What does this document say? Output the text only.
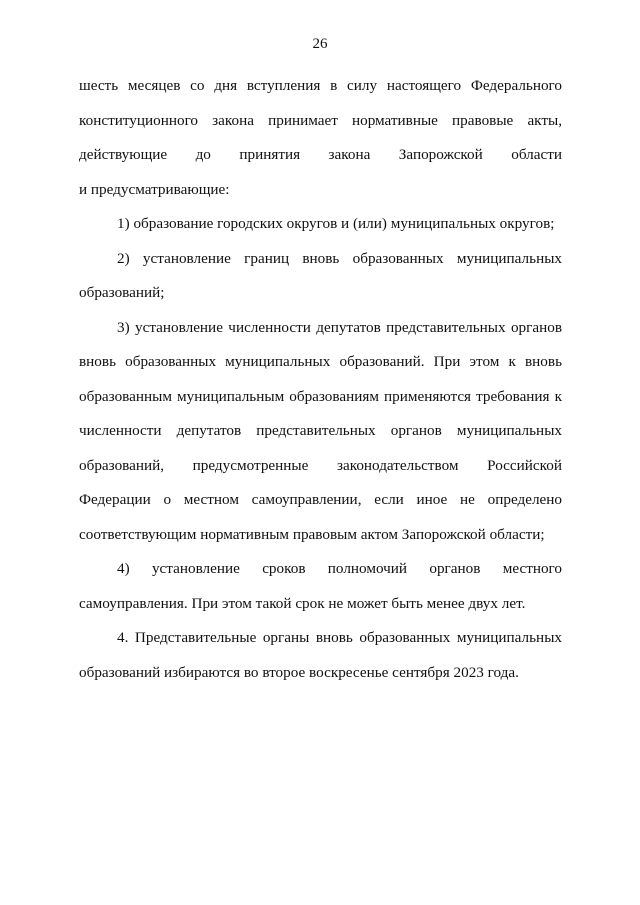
26

шесть месяцев со дня вступления в силу настоящего Федерального

конституционного закона принимает нормативные правовые акты,

действующие до принятия закона Запорожской области

и предусматривающие:

1) образование городских округов и (или) муниципальных округов;

2) установление границ вновь образованных муниципальных

образований;

3) установление численности депутатов представительных органов вновь образованных муниципальных образований. При этом к вновь образованным муниципальным образованиям применяются требования к численности депутатов представительных органов муниципальных образований, предусмотренные законодательством Российской Федерации о местном самоуправлении, если иное не определено соответствующим нормативным правовым актом Запорожской области;

4) установление сроков полномочий органов местного

самоуправления. При этом такой срок не может быть менее двух лет.

4. Представительные органы вновь образованных муниципальных образований избираются во второе воскресенье сентября 2023 года.
